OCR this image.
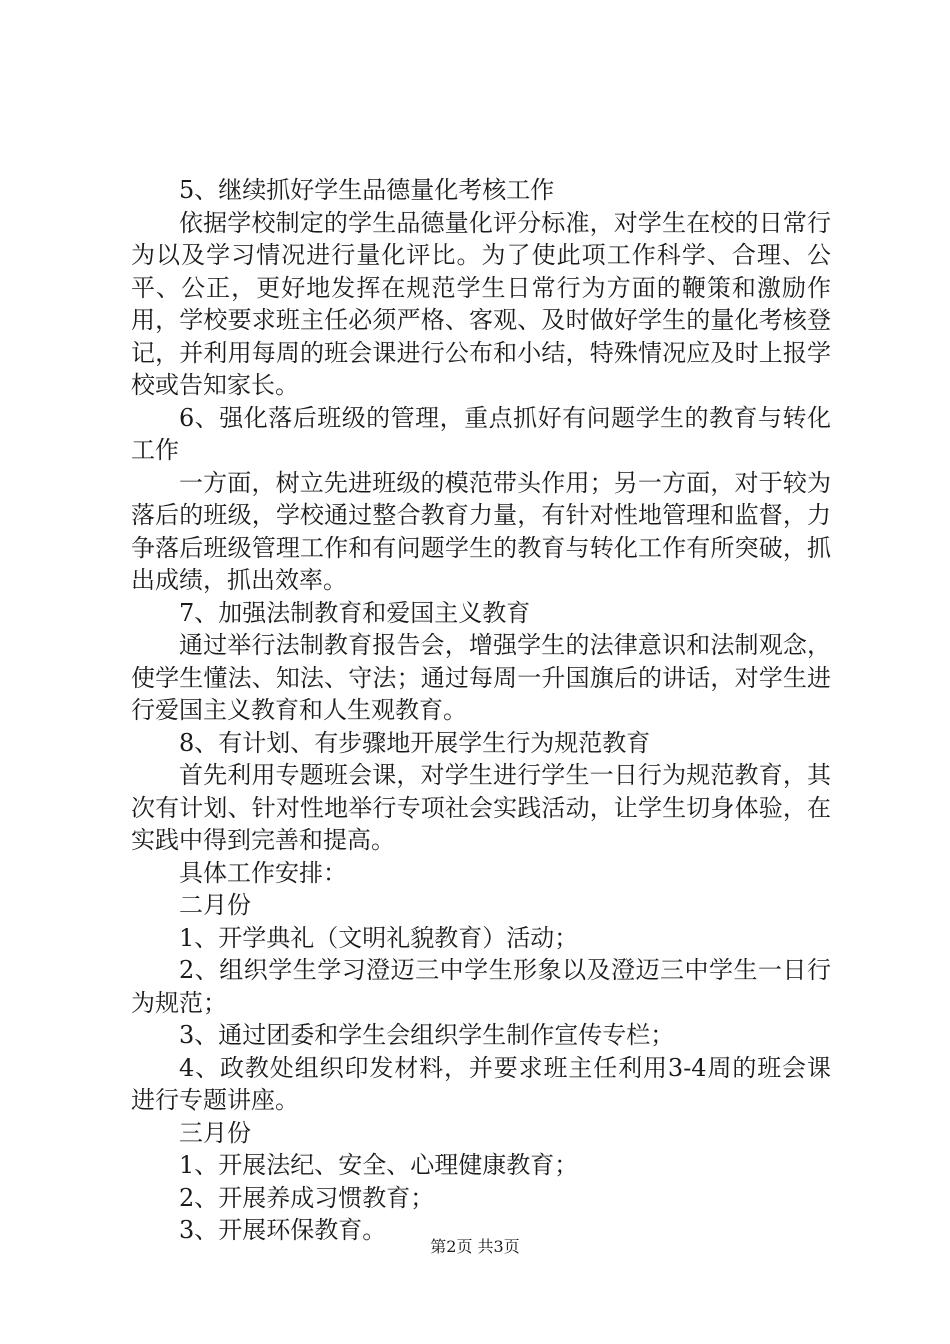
5、继续抓好学生品德量化考核工作

依据学校制定的学生品德量化评分标准，对学生在校的日常行为以及学习情况进行量化评比。为了使此项工作科学、合理、公平、公正，更好地发挥在规范学生日常行为方面的鞭策和激励作用，学校要求班主任必须严格、客观、及时做好学生的量化考核登记，并利用每周的班会课进行公布和小结，特殊情况应及时上报学校或告知家长。

6、强化落后班级的管理，重点抓好有问题学生的教育与转化工作

一方面，树立先进班级的模范带头作用；另一方面，对于较为落后的班级，学校通过整合教育力量，有针对性地管理和监督，力争落后班级管理工作和有问题学生的教育与转化工作有所突破，抓出成绩，抓出效率。

7、加强法制教育和爱国主义教育

通过举行法制教育报告会，增强学生的法律意识和法制观念，使学生懂法、知法、守法；通过每周一升国旗后的讲话，对学生进行爱国主义教育和人生观教育。

8、有计划、有步骤地开展学生行为规范教育

首先利用专题班会课，对学生进行学生一日行为规范教育，其次有计划、针对性地举行专项社会实践活动，让学生切身体验，在实践中得到完善和提高。

具体工作安排：

二月份

1、开学典礼（文明礼貌教育）活动；

2、组织学生学习澄迈三中学生形象以及澄迈三中学生一日行为规范；

3、通过团委和学生会组织学生制作宣传专栏；

4、政教处组织印发材料，并要求班主任利用3-4周的班会课进行专题讲座。

三月份

1、开展法纪、安全、心理健康教育；

2、开展养成习惯教育；

3、开展环保教育。

第2页 共3页
